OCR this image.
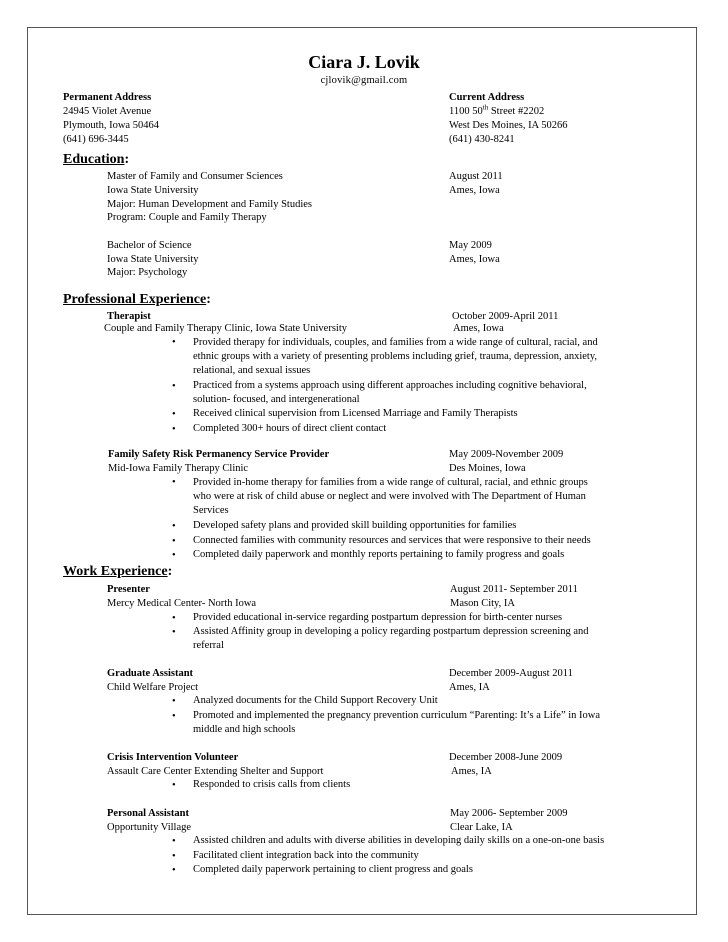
Ciara J. Lovik
cjlovik@gmail.com
Permanent Address
24945 Violet Avenue
Plymouth, Iowa 50464
(641) 696-3445
Current Address
1100 50th Street #2202
West Des Moines, IA 50266
(641) 430-8241
Education:
Master of Family and Consumer Sciences	August 2011
Iowa State University	Ames, Iowa
Major: Human Development and Family Studies
Program: Couple and Family Therapy
Bachelor of Science	May 2009
Iowa State University	Ames, Iowa
Major: Psychology
Professional Experience:
Therapist	October 2009-April 2011
Couple and Family Therapy Clinic, Iowa State University	Ames, Iowa
• Provided therapy for individuals, couples, and families from a wide range of cultural, racial, and
ethnic groups with a variety of presenting problems including grief, trauma, depression, anxiety,
relational, and sexual issues
• Practiced from a systems approach using different approaches including cognitive behavioral,
solution- focused, and intergenerational
• Received clinical supervision from Licensed Marriage and Family Therapists
• Completed 300+ hours of direct client contact
Family Safety Risk Permanency Service Provider	May 2009-November 2009
Mid-Iowa Family Therapy Clinic	Des Moines, Iowa
• Provided in-home therapy for families from a wide range of cultural, racial, and ethnic groups
who were at risk of child abuse or neglect and were involved with The Department of Human
Services
• Developed safety plans and provided skill building opportunities for families
• Connected families with community resources and services that were responsive to their needs
• Completed daily paperwork and monthly reports pertaining to family progress and goals
Work Experience:
Presenter	August 2011- September 2011
Mercy Medical Center- North Iowa	Mason City, IA
• Provided educational in-service regarding postpartum depression for birth-center nurses
• Assisted Affinity group in developing a policy regarding postpartum depression screening and
referral
Graduate Assistant	December 2009-August 2011
Child Welfare Project	Ames, IA
• Analyzed documents for the Child Support Recovery Unit
• Promoted and implemented the pregnancy prevention curriculum “Parenting: It’s a Life” in Iowa
middle and high schools
Crisis Intervention Volunteer	December 2008-June 2009
Assault Care Center Extending Shelter and Support	Ames, IA
• Responded to crisis calls from clients
Personal Assistant	May 2006- September 2009
Opportunity Village	Clear Lake, IA
• Assisted children and adults with diverse abilities in developing daily skills on a one-on-one basis
• Facilitated client integration back into the community
• Completed daily paperwork pertaining to client progress and goals
